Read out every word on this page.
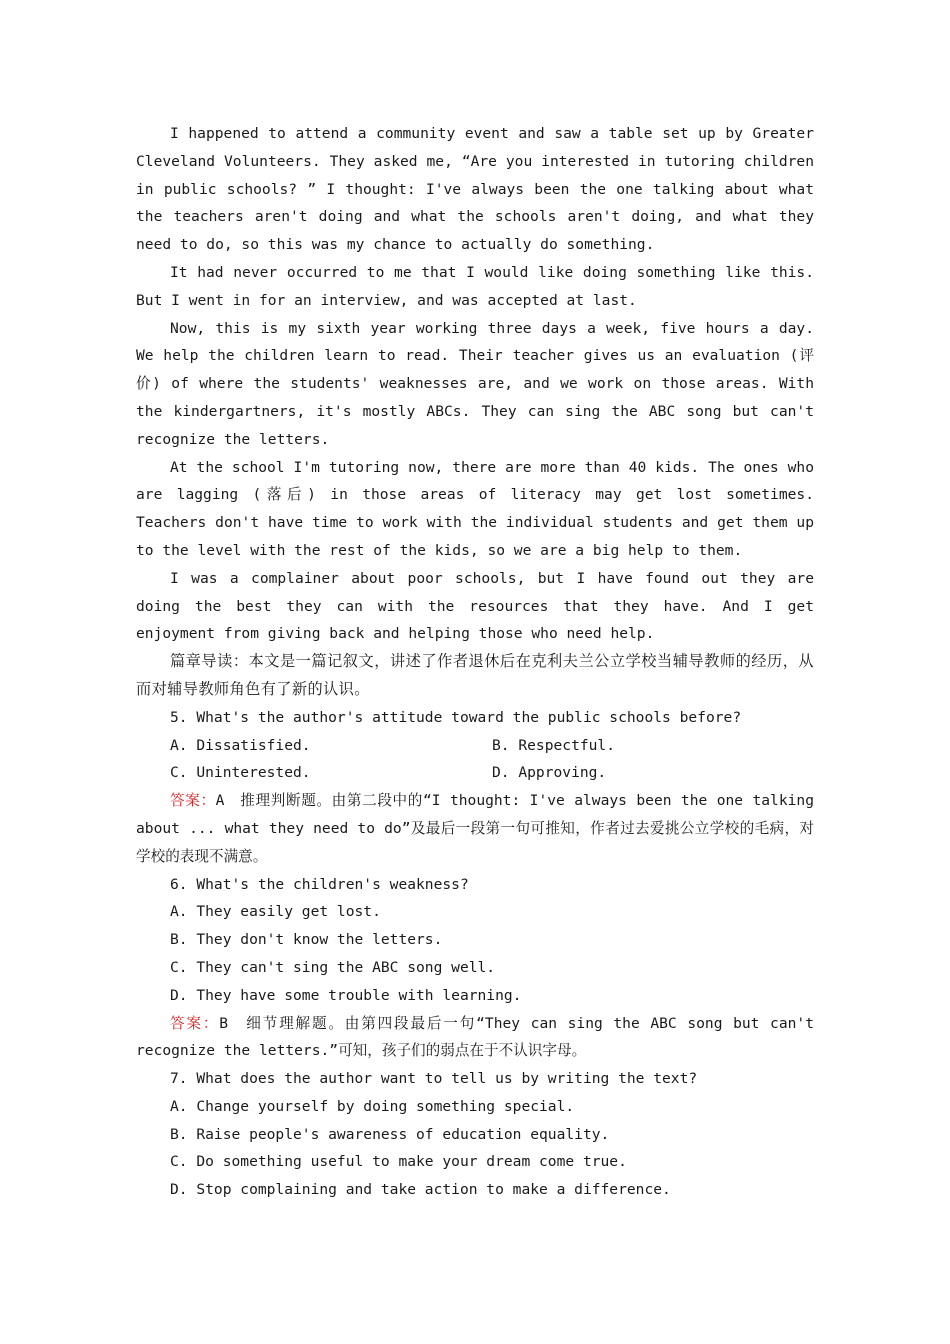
I happened to attend a community event and saw a table set up by Greater Cleveland Volunteers. They asked me, “Are you interested in tutoring children in public schools? ” I thought: I've always been the one talking about what the teachers aren't doing and what the schools aren't doing, and what they need to do, so this was my chance to actually do something.

It had never occurred to me that I would like doing something like this. But I went in for an interview, and was accepted at last.

Now, this is my sixth year working three days a week, five hours a day. We help the children learn to read. Their teacher gives us an evaluation (评价) of where the students' weaknesses are, and we work on those areas. With the kindergartners, it's mostly ABCs. They can sing the ABC song but can't recognize the letters.

At the school I'm tutoring now, there are more than 40 kids. The ones who are lagging (落后) in those areas of literacy may get lost sometimes. Teachers don't have time to work with the individual students and get them up to the level with the rest of the kids, so we are a big help to them.

I was a complainer about poor schools, but I have found out they are doing the best they can with the resources that they have. And I get enjoyment from giving back and helping those who need help.

篇章导读：本文是一篇记叙文，讲述了作者退休后在克利夫兰公立学校当辅导教师的经历，从而对辅导教师角色有了新的认识。

5. What's the author's attitude toward the public schools before?

A. Dissatisfied.	B. Respectful.
C. Uninterested.	D. Approving.

答案：A　推理判断题。由第二段中的“I thought: I've always been the one talking about ... what they need to do”及最后一段第一句可推知，作者过去爱挑公立学校的毛病，对学校的表现不满意。

6. What's the children's weakness?

A. They easily get lost.

B. They don't know the letters.

C. They can't sing the ABC song well.

D. They have some trouble with learning.

答案：B　细节理解题。由第四段最后一句“They can sing the ABC song but can't recognize the letters.”可知，孩子们的弱点在于不认识字母。

7. What does the author want to tell us by writing the text?

A. Change yourself by doing something special.

B. Raise people's awareness of education equality.

C. Do something useful to make your dream come true.

D. Stop complaining and take action to make a difference.
